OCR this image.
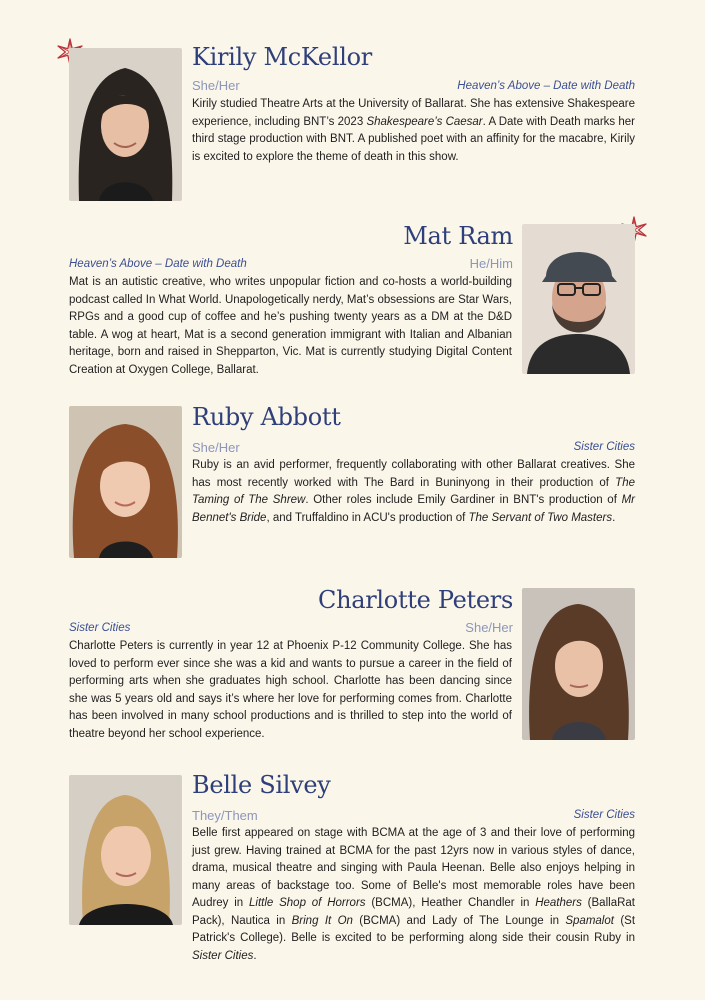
Kirily McKellor
She/Her	Heaven’s Above – Date with Death

Kirily studied Theatre Arts at the University of Ballarat. She has extensive Shakespeare experience, including BNT’s 2023 Shakespeare’s Caesar. A Date with Death marks her third stage production with BNT. A published poet with an affinity for the macabre, Kirily is excited to explore the theme of death in this show.

Mat Ram
Heaven’s Above – Date with Death	He/Him

Mat is an autistic creative, who writes unpopular fiction and co-hosts a world-building podcast called In What World. Unapologetically nerdy, Mat’s obsessions are Star Wars, RPGs and a good cup of coffee and he’s pushing twenty years as a DM at the D&D table. A wog at heart, Mat is a second generation immigrant with Italian and Albanian heritage, born and raised in Shepparton, Vic. Mat is currently studying Digital Content Creation at Oxygen College, Ballarat.

Ruby Abbott
She/Her	Sister Cities

Ruby is an avid performer, frequently collaborating with other Ballarat creatives. She has most recently worked with The Bard in Buninyong in their production of The Taming of The Shrew. Other roles include Emily Gardiner in BNT's production of Mr Bennet's Bride, and Truffaldino in ACU's production of The Servant of Two Masters.

Charlotte Peters
Sister Cities	She/Her

Charlotte Peters is currently in year 12 at Phoenix P-12 Community College. She has loved to perform ever since she was a kid and wants to pursue a career in the field of performing arts when she graduates high school. Charlotte has been dancing since she was 5 years old and says it’s where her love for performing comes from. Charlotte has been involved in many school productions and is thrilled to step into the world of theatre beyond her school experience.

Belle Silvey
They/Them	Sister Cities

Belle first appeared on stage with BCMA at the age of 3 and their love of performing just grew. Having trained at BCMA for the past 12yrs now in various styles of dance, drama, musical theatre and singing with Paula Heenan. Belle also enjoys helping in many areas of backstage too. Some of Belle's most memorable roles have been Audrey in Little Shop of Horrors (BCMA), Heather Chandler in Heathers (BallaRat Pack), Nautica in Bring It On (BCMA) and Lady of The Lounge in Spamalot (St Patrick's College). Belle is excited to be performing along side their cousin Ruby in Sister Cities.
